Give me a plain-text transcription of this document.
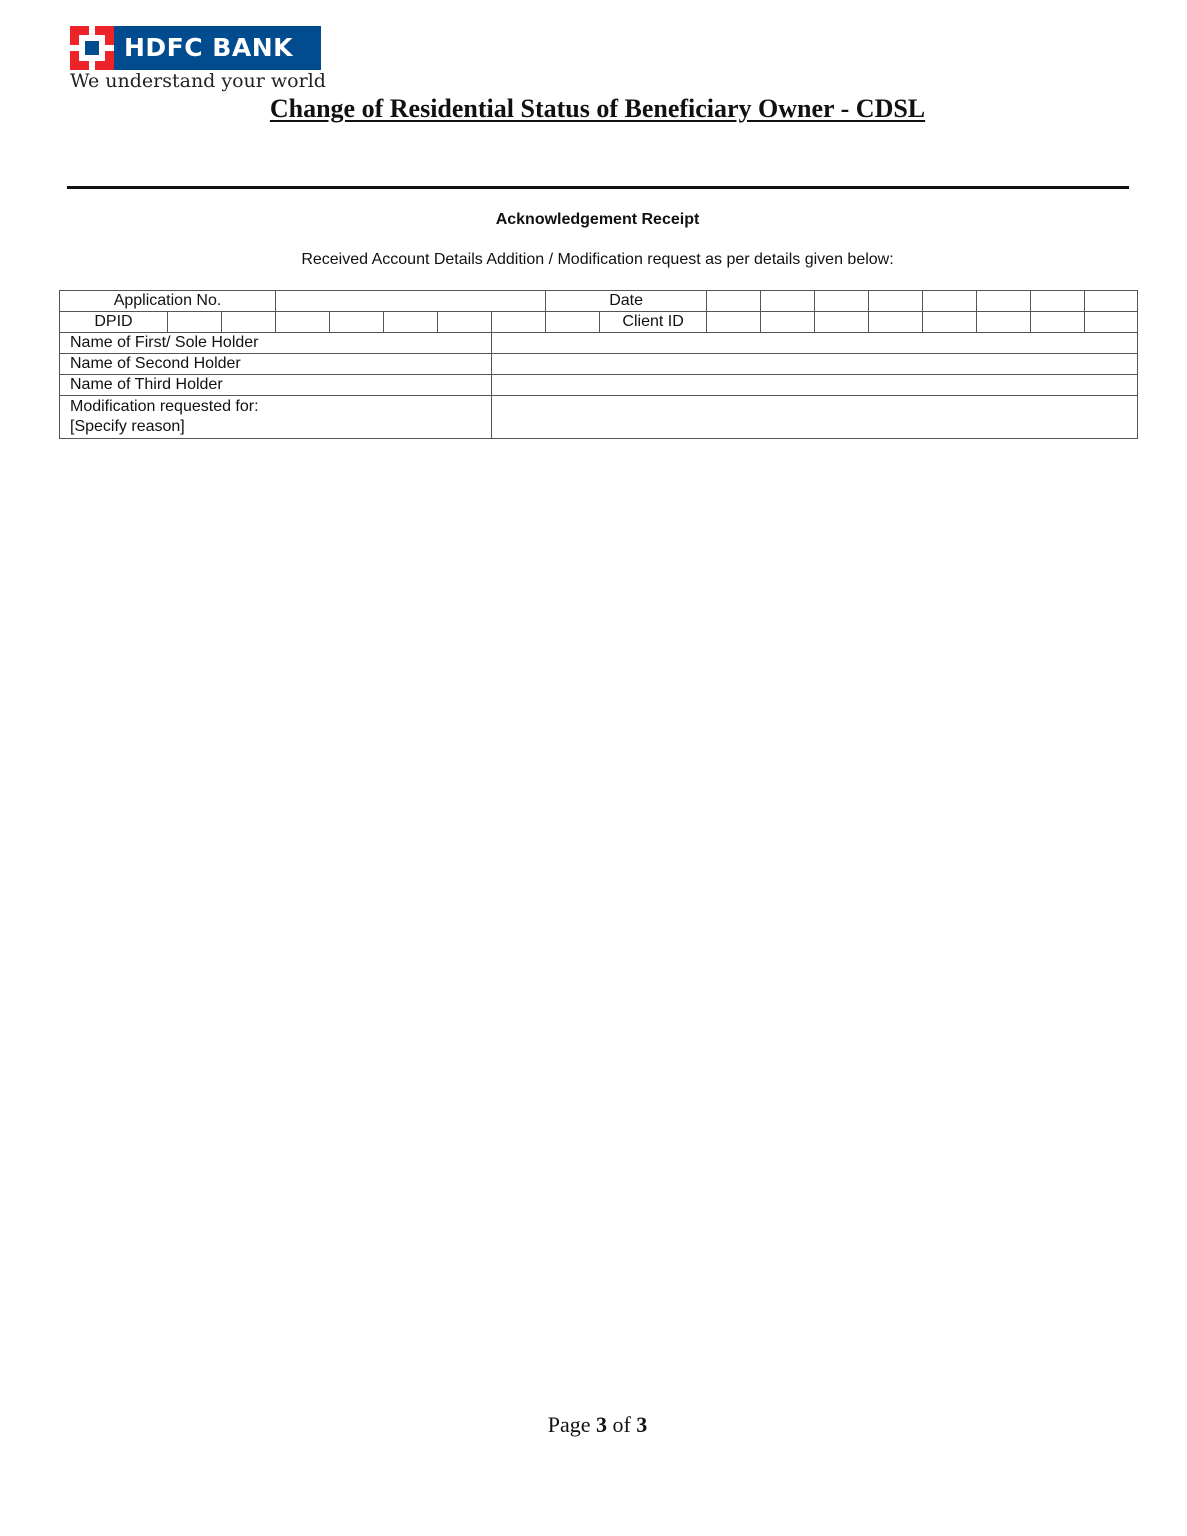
HDFC BANK
We understand your world
Change of Residential Status of Beneficiary Owner - CDSL
Acknowledgement Receipt
Received Account Details Addition / Modification request as per details given below:
Application No.								Date									
DPID									Client ID								
Name of First/ Sole Holder																	
Name of Second Holder																	
Name of Third Holder																	

Modification requested for:
[Specify reason]																	

Page 3 of 3
